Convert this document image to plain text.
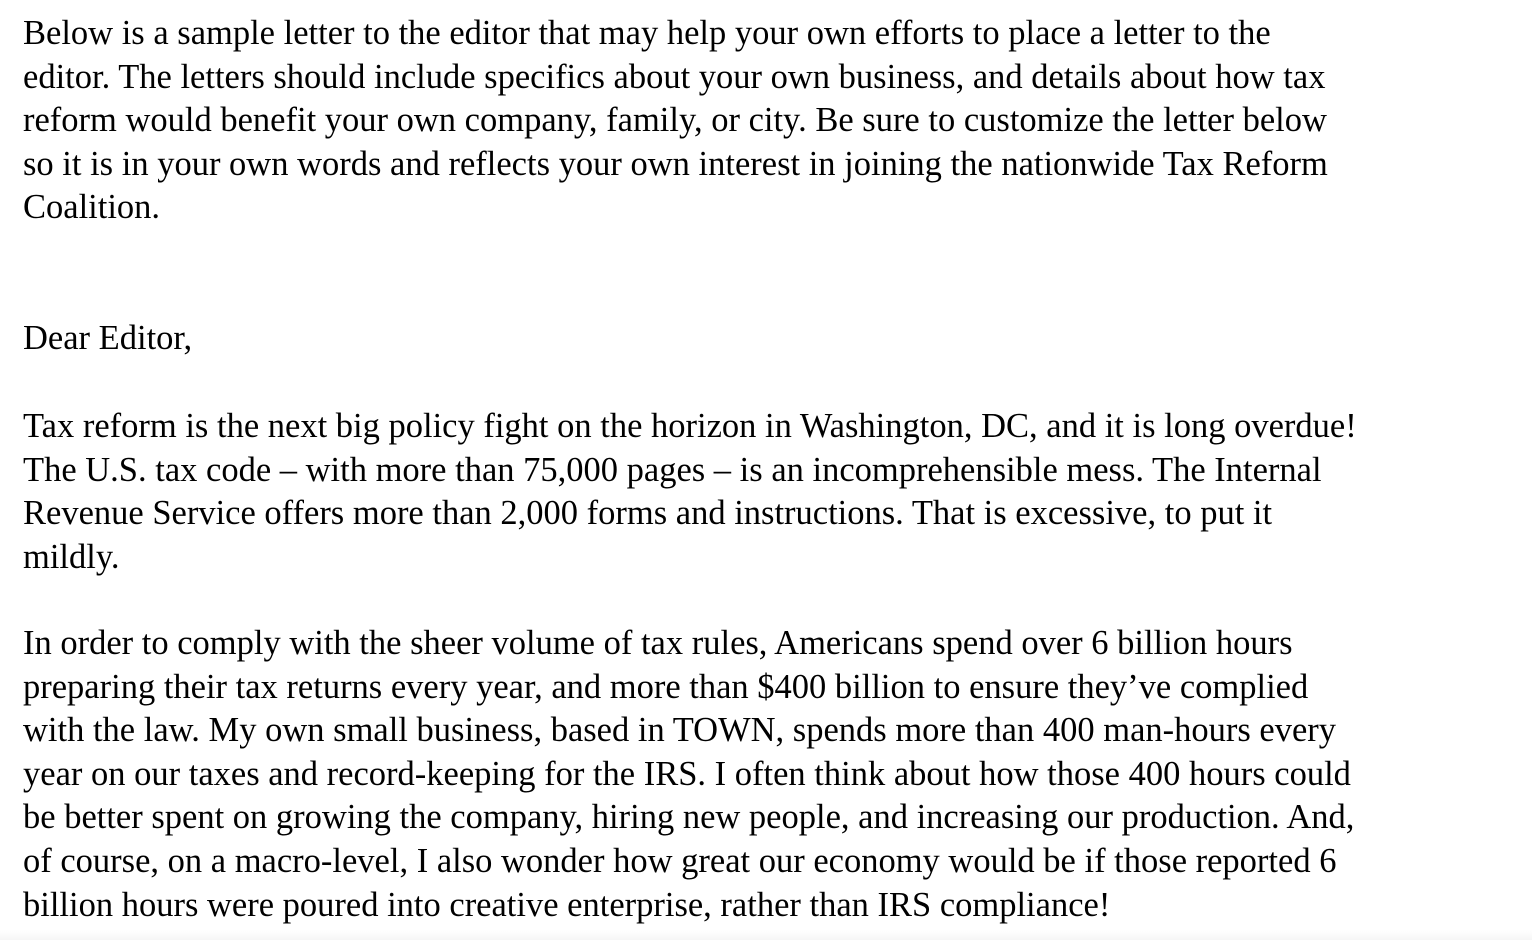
Below is a sample letter to the editor that may help your own efforts to place a letter to the
editor. The letters should include specifics about your own business, and details about how tax
reform would benefit your own company, family, or city. Be sure to customize the letter below
so it is in your own words and reflects your own interest in joining the nationwide Tax Reform
Coalition.

Dear Editor,

Tax reform is the next big policy fight on the horizon in Washington, DC, and it is long overdue!
The U.S. tax code – with more than 75,000 pages – is an incomprehensible mess. The Internal
Revenue Service offers more than 2,000 forms and instructions. That is excessive, to put it
mildly.

In order to comply with the sheer volume of tax rules, Americans spend over 6 billion hours
preparing their tax returns every year, and more than $400 billion to ensure they’ve complied
with the law. My own small business, based in TOWN, spends more than 400 man-hours every
year on our taxes and record-keeping for the IRS. I often think about how those 400 hours could
be better spent on growing the company, hiring new people, and increasing our production. And,
of course, on a macro-level, I also wonder how great our economy would be if those reported 6
billion hours were poured into creative enterprise, rather than IRS compliance!
